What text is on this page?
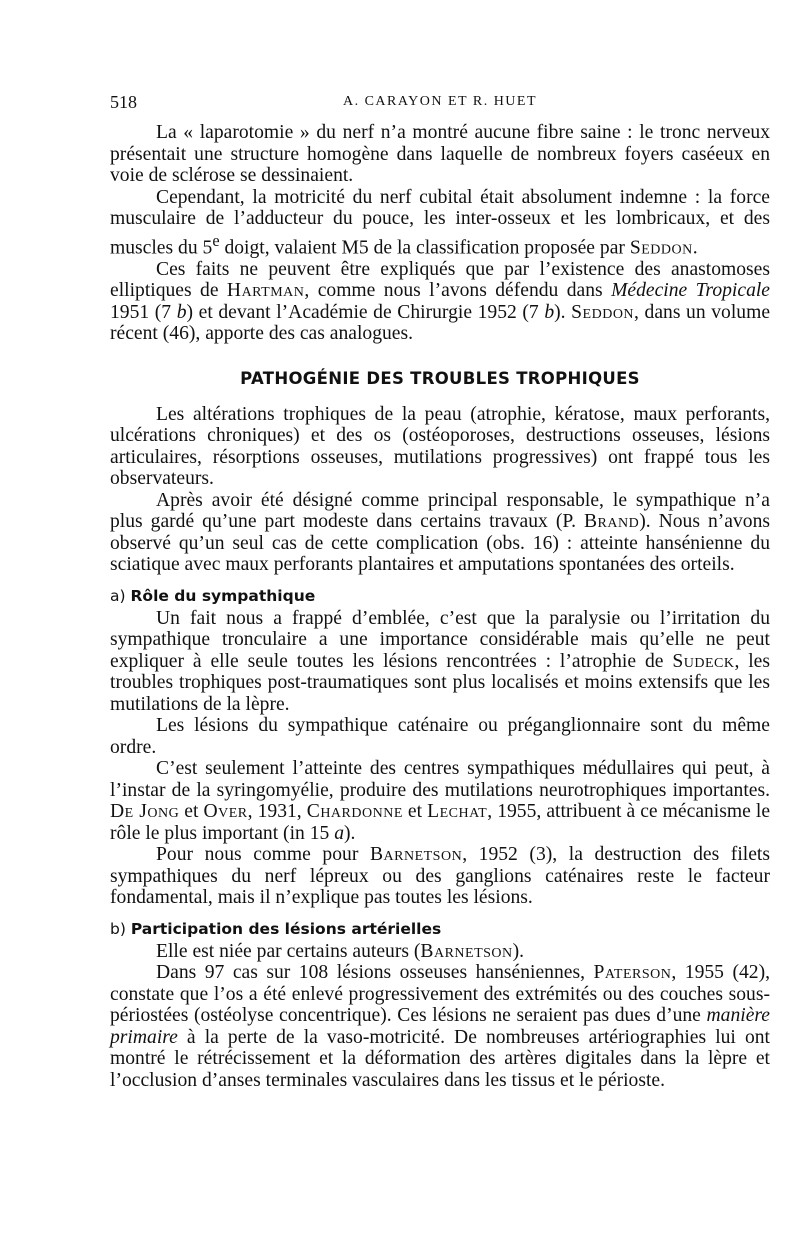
518	A. CARAYON ET R. HUET

La « laparotomie » du nerf n’a montré aucune fibre saine : le tronc nerveux présentait une structure homogène dans laquelle de nombreux foyers caséeux en voie de sclérose se dessinaient.

Cependant, la motricité du nerf cubital était absolument indemne : la force musculaire de l’adducteur du pouce, les inter-osseux et les lombricaux, et des muscles du 5e doigt, valaient M5 de la classification proposée par Seddon.

Ces faits ne peuvent être expliqués que par l’existence des anastomoses elliptiques de Hartman, comme nous l’avons défendu dans Médecine Tropicale 1951 (7 b) et devant l’Académie de Chirurgie 1952 (7 b). Seddon, dans un volume récent (46), apporte des cas analogues.

PATHOGÉNIE DES TROUBLES TROPHIQUES

Les altérations trophiques de la peau (atrophie, kératose, maux perforants, ulcérations chroniques) et des os (ostéoporoses, destructions osseuses, lésions articulaires, résorptions osseuses, mutilations progressives) ont frappé tous les observateurs.

Après avoir été désigné comme principal responsable, le sympathique n’a plus gardé qu’une part modeste dans certains travaux (P. Brand). Nous n’avons observé qu’un seul cas de cette complication (obs. 16) : atteinte hansénienne du sciatique avec maux perforants plantaires et amputations spontanées des orteils.

a) Rôle du sympathique

Un fait nous a frappé d’emblée, c’est que la paralysie ou l’irritation du sympathique tronculaire a une importance considérable mais qu’elle ne peut expliquer à elle seule toutes les lésions rencontrées : l’atrophie de Sudeck, les troubles trophiques post-traumatiques sont plus localisés et moins extensifs que les mutilations de la lèpre.

Les lésions du sympathique caténaire ou préganglionnaire sont du même ordre.

C’est seulement l’atteinte des centres sympathiques médullaires qui peut, à l’instar de la syringomyélie, produire des mutilations neurotrophiques importantes. De Jong et Over, 1931, Chardonne et Lechat, 1955, attribuent à ce mécanisme le rôle le plus important (in 15 a).

Pour nous comme pour Barnetson, 1952 (3), la destruction des filets sympathiques du nerf lépreux ou des ganglions caténaires reste le facteur fondamental, mais il n’explique pas toutes les lésions.

b) Participation des lésions artérielles

Elle est niée par certains auteurs (Barnetson).

Dans 97 cas sur 108 lésions osseuses hanséniennes, Paterson, 1955 (42), constate que l’os a été enlevé progressivement des extrémités ou des couches sous-périostées (ostéolyse concentrique). Ces lésions ne seraient pas dues d’une manière primaire à la perte de la vaso-motricité. De nombreuses artériographies lui ont montré le rétrécissement et la déformation des artères digitales dans la lèpre et l’occlusion d’anses terminales vasculaires dans les tissus et le périoste.
